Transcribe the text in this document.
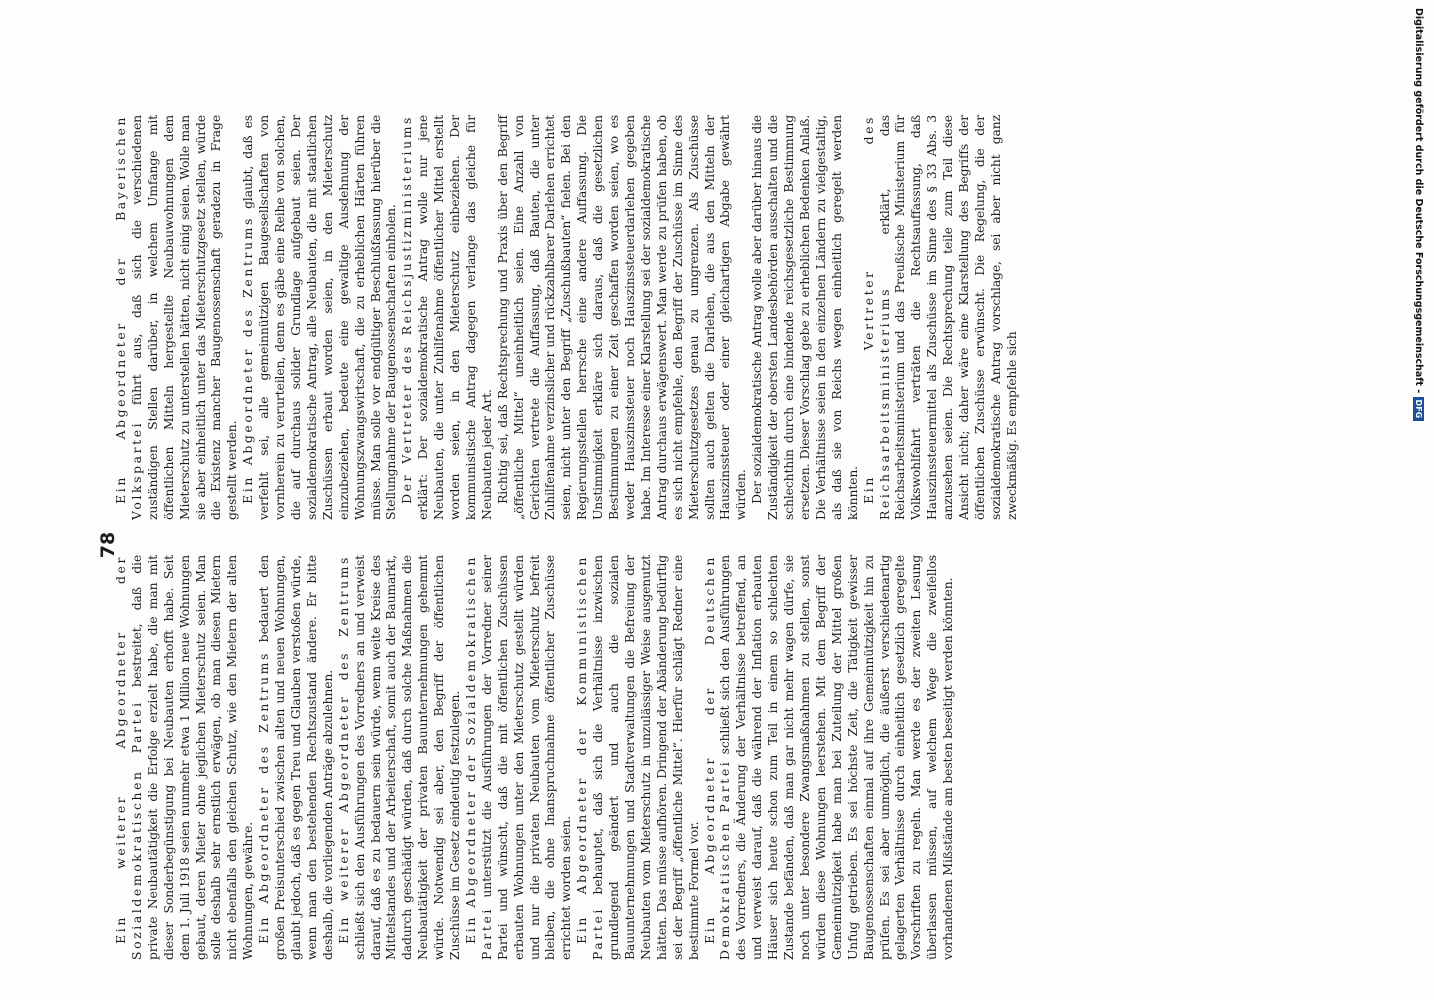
78

Ein weiterer Abgeordneter der Sozialdemokratischen Partei bestreitet, daß die private Neubautätigkeit die Erfolge erzielt habe, die man mit dieser Sonderbegünstigung bei Neubauten erhofft habe. Seit dem 1. Juli 1918 seien nunmehr etwa 1 Million neue Wohnungen gebaut, deren Mieter ohne jeglichen Mieterschutz seien. Man solle deshalb sehr ernstlich erwägen, ob man diesen Mietern nicht ebenfalls den gleichen Schutz, wie den Mietern der alten Wohnungen, gewähre. Ein Abgeordneter des Zentrums bedauert den großen Preisunterschied zwischen alten und neuen Wohnungen, glaubt jedoch, daß es gegen Treu und Glauben verstoßen würde, wenn man den bestehenden Rechtszustand ändere. Er bitte deshalb, die vorliegenden Anträge abzulehnen. Ein weiterer Abgeordneter des Zentrums schließt sich den Ausführungen des Vorredners an und verweist darauf, daß es zu bedauern sein würde, wenn weite Kreise des Mittelstandes und der Arbeiterschaft, somit auch der Baumarkt, dadurch geschädigt würden, daß durch solche Maßnahmen die Neubautätigkeit der privaten Bauunternehmungen gehemmt würde. Notwendig sei aber, den Begriff der öffentlichen Zuschüsse im Gesetz eindeutig festzulegen. Ein Abgeordneter der Sozialdemokratischen Partei unterstützt die Ausführungen der Vorredner seiner Partei und wünscht, daß die mit öffentlichen Zuschüssen erbauten Wohnungen unter den Mieterschutz gestellt würden und nur die privaten Neubauten vom Mieterschutz befreit bleiben, die ohne Inanspruchnahme öffentlicher Zuschüsse errichtet worden seien. Ein Abgeordneter der Kommunistischen Partei behauptet, daß sich die Verhältnisse inzwischen grundlegend geändert und auch die sozialen Bauunternehmungen und Stadtverwaltungen die Befreiung der Neubauten vom Mieterschutz in unzulässiger Weise ausgenutzt hätten. Das müsse aufhören. Dringend der Abänderung bedürftig sei der Begriff „öffentliche Mittel“. Hierfür schlägt Redner eine bestimmte Formel vor. Ein Abgeordneter der Deutschen Demokratischen Partei schließt sich den Ausführungen des Vorredners, die Änderung der Verhältnisse betreffend, an und verweist darauf, daß die während der Inflation erbauten Häuser sich heute schon zum Teil in einem so schlechten Zustande befänden, daß man gar nicht mehr wagen dürfe, sie noch unter besondere Zwangsmaßnahmen zu stellen, sonst würden diese Wohnungen leerstehen. Mit dem Begriff der Gemeinnützigkeit habe man bei Zuteilung der Mittel großen Unfug getrieben. Es sei höchste Zeit, die Tätigkeit gewisser Baugenossenschaften einmal auf ihre Gemeinnützigkeit hin zu prüfen. Es sei aber unmöglich, die äußerst verschiedenartig gelagerten Verhältnisse durch einheitlich gesetzlich geregelte Vorschriften zu regeln. Man werde es der zweiten Lesung überlassen müssen, auf welchem Wege die zweifellos vorhandenen Mißstände am besten beseitigt werden könnten.

Ein Abgeordneter der Bayerischen Volkspartei führt aus, daß sich die verschiedenen zuständigen Stellen darüber, in welchem Umfange mit öffentlichen Mitteln hergestellte Neubauwohnungen dem Mieterschutz zu unterstellen hätten, nicht einig seien. Wolle man sie aber einheitlich unter das Mieterschutzgesetz stellen, würde die Existenz mancher Baugenossenschaft geradezu in Frage gestellt werden. Ein Abgeordneter des Zentrums glaubt, daß es verfehlt sei, alle gemeinnützigen Baugesellschaften von vornherein zu verurteilen, denn es gäbe eine Reihe von solchen, die auf durchaus solider Grundlage aufgebaut seien. Der sozialdemokratische Antrag, alle Neubauten, die mit staatlichen Zuschüssen erbaut worden seien, in den Mieterschutz einzubeziehen, bedeute eine gewaltige Ausdehnung der Wohnungszwangswirtschaft, die zu erheblichen Härten führen müsse. Man solle vor endgültiger Beschlußfassung hierüber die Stellungnahme der Baugenossenschaften einholen. Der Vertreter des Reichsjustizministeriums erklärt: Der sozialdemokratische Antrag wolle nur jene Neubauten, die unter Zuhilfenahme öffentlicher Mittel erstellt worden seien, in den Mieterschutz einbeziehen. Der kommunistische Antrag dagegen verlange das gleiche für Neubauten jeder Art. Richtig sei, daß Rechtsprechung und Praxis über den Begriff „öffentliche Mittel“ uneinheitlich seien. Eine Anzahl von Gerichten vertrete die Auffassung, daß Bauten, die unter Zuhilfenahme verzinslicher und rückzahlbarer Darlehen errichtet seien, nicht unter den Begriff „Zuschußbauten“ fielen. Bei den Regierungsstellen herrsche eine andere Auffassung. Die Unstimmigkeit erkläre sich daraus, daß die gesetzlichen Bestimmungen zu einer Zeit geschaffen worden seien, wo es weder Hauszinssteuer noch Hauszinssteuerdarlehen gegeben habe. Im Interesse einer Klarstellung sei der sozialdemokratische Antrag durchaus erwägenswert. Man werde zu prüfen haben, ob es sich nicht empfehle, den Begriff der Zuschüsse im Sinne des Mieterschutzgesetzes genau zu umgrenzen. Als Zuschüsse sollten auch gelten die Darlehen, die aus den Mitteln der Hauszinssteuer oder einer gleichartigen Abgabe gewährt würden. Der sozialdemokratische Antrag wolle aber darüber hinaus die Zuständigkeit der obersten Landesbehörden ausschalten und die schlechthin durch eine bindende reichsgesetzliche Bestimmung ersetzen. Dieser Vorschlag gebe zu erheblichen Bedenken Anlaß. Die Verhältnisse seien in den einzelnen Ländern zu vielgestaltig, als daß sie von Reichs wegen einheitlich geregelt werden könnten. Ein Vertreter des Reichsarbeitsministeriums erklärt, das Reichsarbeitsministerium und das Preußische Ministerium für Volkswohlfahrt verträten die Rechtsauffassung, daß Hauszinssteuermittel als Zuschüsse im Sinne des § 33 Abs. 3 anzusehen seien. Die Rechtsprechung teile zum Teil diese Ansicht nicht; daher wäre eine Klarstellung des Begriffs der öffentlichen Zuschüsse erwünscht. Die Regelung, die der sozialdemokratische Antrag vorschlage, sei aber nicht ganz zweckmäßig. Es empfehle sich

Digitalisierung gefördert durch die Deutsche Forschungsgemeinschaft - DFG
